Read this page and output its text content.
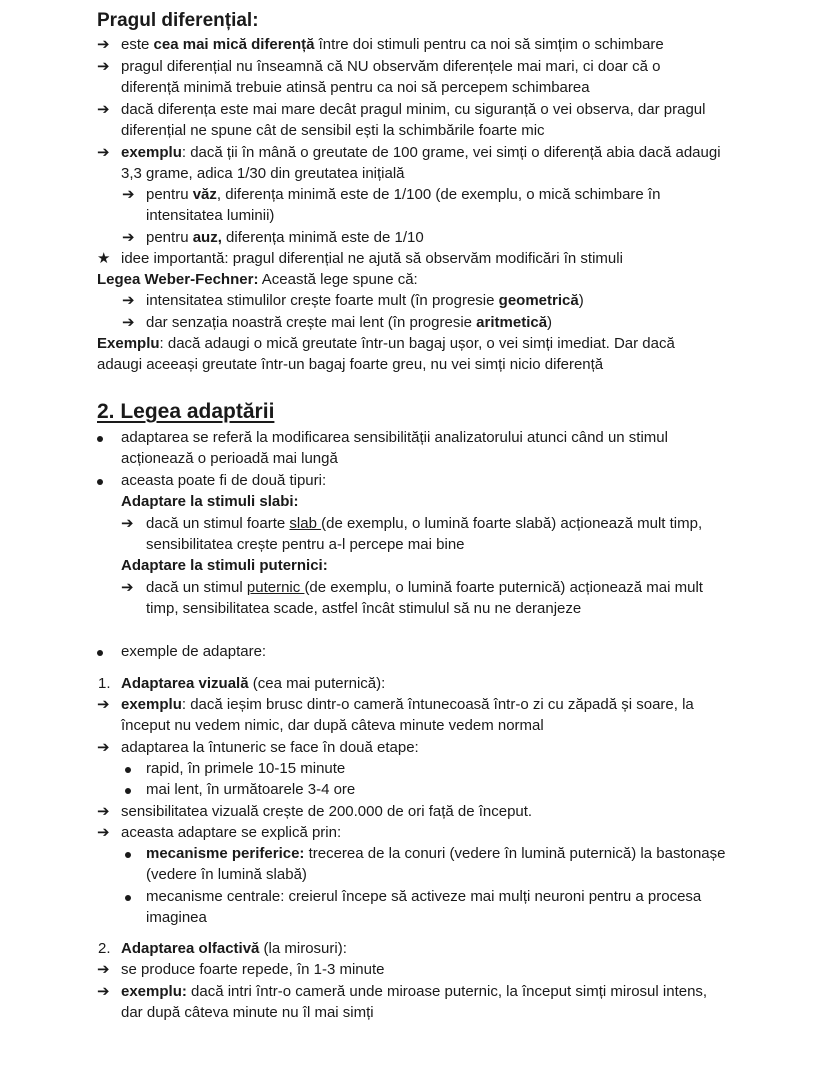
Pragul diferențial:
➔ este cea mai mică diferență între doi stimuli pentru ca noi să simțim o schimbare
➔ pragul diferențial nu înseamnă că NU observăm diferențele mai mari, ci doar că o
diferență minimă trebuie atinsă pentru ca noi să percepem schimbarea
➔ dacă diferența este mai mare decât pragul minim, cu siguranță o vei observa, dar pragul
diferențial ne spune cât de sensibil ești la schimbările foarte mic
➔ exemplu: dacă ții în mână o greutate de 100 grame, vei simți o diferență abia dacă adaugi
3,3 grame, adica 1/30 din greutatea inițială
➔ pentru văz, diferența minimă este de 1/100 (de exemplu, o mică schimbare în
intensitatea luminii)
➔ pentru auz, diferența minimă este de 1/10
★ idee importantă: pragul diferențial ne ajută să observăm modificări în stimuli
Legea Weber-Fechner: Această lege spune că:
➔ intensitatea stimulilor crește foarte mult (în progresie geometrică)
➔ dar senzația noastră crește mai lent (în progresie aritmetică)
Exemplu: dacă adaugi o mică greutate într-un bagaj ușor, o vei simți imediat. Dar dacă
adaugi aceeași greutate într-un bagaj foarte greu, nu vei simți nicio diferență
2. Legea adaptării
adaptarea se referă la modificarea sensibilității analizatorului atunci când un stimul
acționează o perioadă mai lungă
aceasta poate fi de două tipuri:
Adaptare la stimuli slabi:
➔ dacă un stimul foarte slab (de exemplu, o lumină foarte slabă) acționează mult timp,
sensibilitatea crește pentru a-l percepe mai bine
Adaptare la stimuli puternici:
➔ dacă un stimul puternic (de exemplu, o lumină foarte puternică) acționează mai mult
timp, sensibilitatea scade, astfel încât stimulul să nu ne deranjeze
exemple de adaptare:
1. Adaptarea vizuală (cea mai puternică):
➔ exemplu: dacă ieșim brusc dintr-o cameră întunecoasă într-o zi cu zăpadă și soare, la
început nu vedem nimic, dar după câteva minute vedem normal
➔ adaptarea la întuneric se face în două etape:
rapid, în primele 10-15 minute
mai lent, în următoarele 3-4 ore
➔ sensibilitatea vizuală crește de 200.000 de ori față de început.
➔ aceasta adaptare se explică prin:
mecanisme periferice: trecerea de la conuri (vedere în lumină puternică) la bastonașe
(vedere în lumină slabă)
mecanisme centrale: creierul începe să activeze mai mulți neuroni pentru a procesa
imaginea
2. Adaptarea olfactivă (la mirosuri):
➔ se produce foarte repede, în 1-3 minute
➔ exemplu: dacă intri într-o cameră unde miroase puternic, la început simți mirosul intens,
dar după câteva minute nu îl mai simți
